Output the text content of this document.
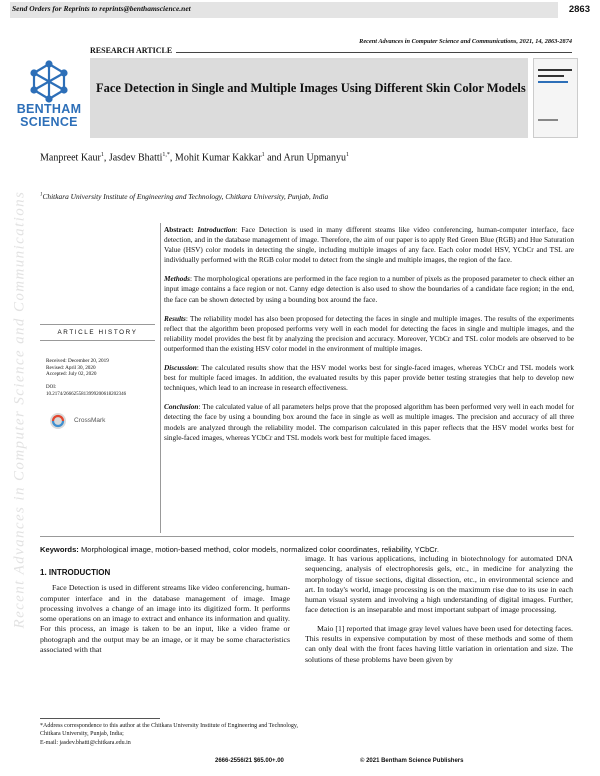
Send Orders for Reprints to reprints@benthamscience.net	2863
Recent Advances in Computer Science and Communications, 2021, 14, 2863-2874
RESEARCH ARTICLE
BENTHAM
SCIENCE
Face Detection in Single and Multiple Images Using Different Skin Color Models
Manpreet Kaur$^1$, Jasdev Bhatti$^{1,*}$, Mohit Kumar Kakkar$^1$ and Arun Upmanyu$^1$
$^1$Chitkara University Institute of Engineering and Technology, Chitkara University, Punjab, India
ARTICLE HISTORY
Received: December 20, 2019
Revised: April 30, 2020
Accepted: July 02, 2020
DOI:
10.2174/2666255813999200618202346
CrossMark
Recent Advances in Computer Science and Communications	Abstract: Introduction: Face Detection is used in many different steams like video conferencing, human-computer interface, face detection, and in the database management of image. Therefore, the aim of our paper is to apply Red Green Blue (RGB) and Hue Saturation Value (HSV) color models in detecting the single, including multiple images of any face. Each color model HSV, YCbCr and TSL are individually performed with the RGB color model to detect from the single and multiple images, the region of the face.

Methods: The morphological operations are performed in the face region to a number of pixels as the proposed parameter to check either an input image contains a face region or not. Canny edge detection is also used to show the boundaries of a candidate face region; in the end, the face can be shown detected by using a bounding box around the face.

Results: The reliability model has also been proposed for detecting the faces in single and multiple images. The results of the experiments reflect that the algorithm been proposed performs very well in each model for detecting the faces in single and multiple images, and the reliability model provides the best fit by analyzing the precision and accuracy. Moreover, YCbCr and TSL color models are observed to be outperformed than the existing HSV color model in the environment of multiple images.

Discussion: The calculated results show that the HSV model works best for single-faced images, whereas YCbCr and TSL models work best for multiple faced images. In addition, the evaluated results by this paper provide better testing strategies that help to develop new techniques, which lead to an increase in research effectiveness.

Conclusion: The calculated value of all parameters helps prove that the proposed algorithm has been performed very well in each model for detecting the face by using a bounding box around the face in single as well as multiple images. The precision and accuracy of all three models are analyzed through the reliability model. The comparison calculated in this paper reflects that the HSV model works best for single-faced images, whereas YCbCr and TSL models work best for multiple faced images.

Keywords: Morphological image, motion-based method, color models, normalized color coordinates, reliability, YCbCr.
1. INTRODUCTION

Face Detection is used in different streams like video conferencing, human-computer interface and in the database management of image. Image processing involves a change of an image into its digitized form. It performs some operations on an image to extract and enhance its information and quality. For this process, an image is taken to be an input, like a video frame or photograph and the output may be an image, or it may be some characteristics associated with that

image. It has various applications, including in biotechnology for automated DNA sequencing, analysis of electrophoresis gels, etc., in medicine for analyzing the morphology of tissue sections, digital dissection, etc., in environmental science and art. In today's world, image processing is on the maximum rise due to its use in each human visual system and involving a high understanding of digital images. Further, face detection is an inseparable and most important subpart of image processing.

Maio [1] reported that image gray level values have been used for detecting faces. This results in expensive computation by most of these methods and some of them can only deal with the front faces having little variation in orientation and size. The solutions of these problems have been given by

*Address correspondence to this author at the Chitkara University Institute of Engineering and Technology, Chitkara University, Punjab, India;
E-mail: jasdev.bhatti@chitkara.edu.in
2666-2556/21 $65.00+.00	© 2021 Bentham Science Publishers
